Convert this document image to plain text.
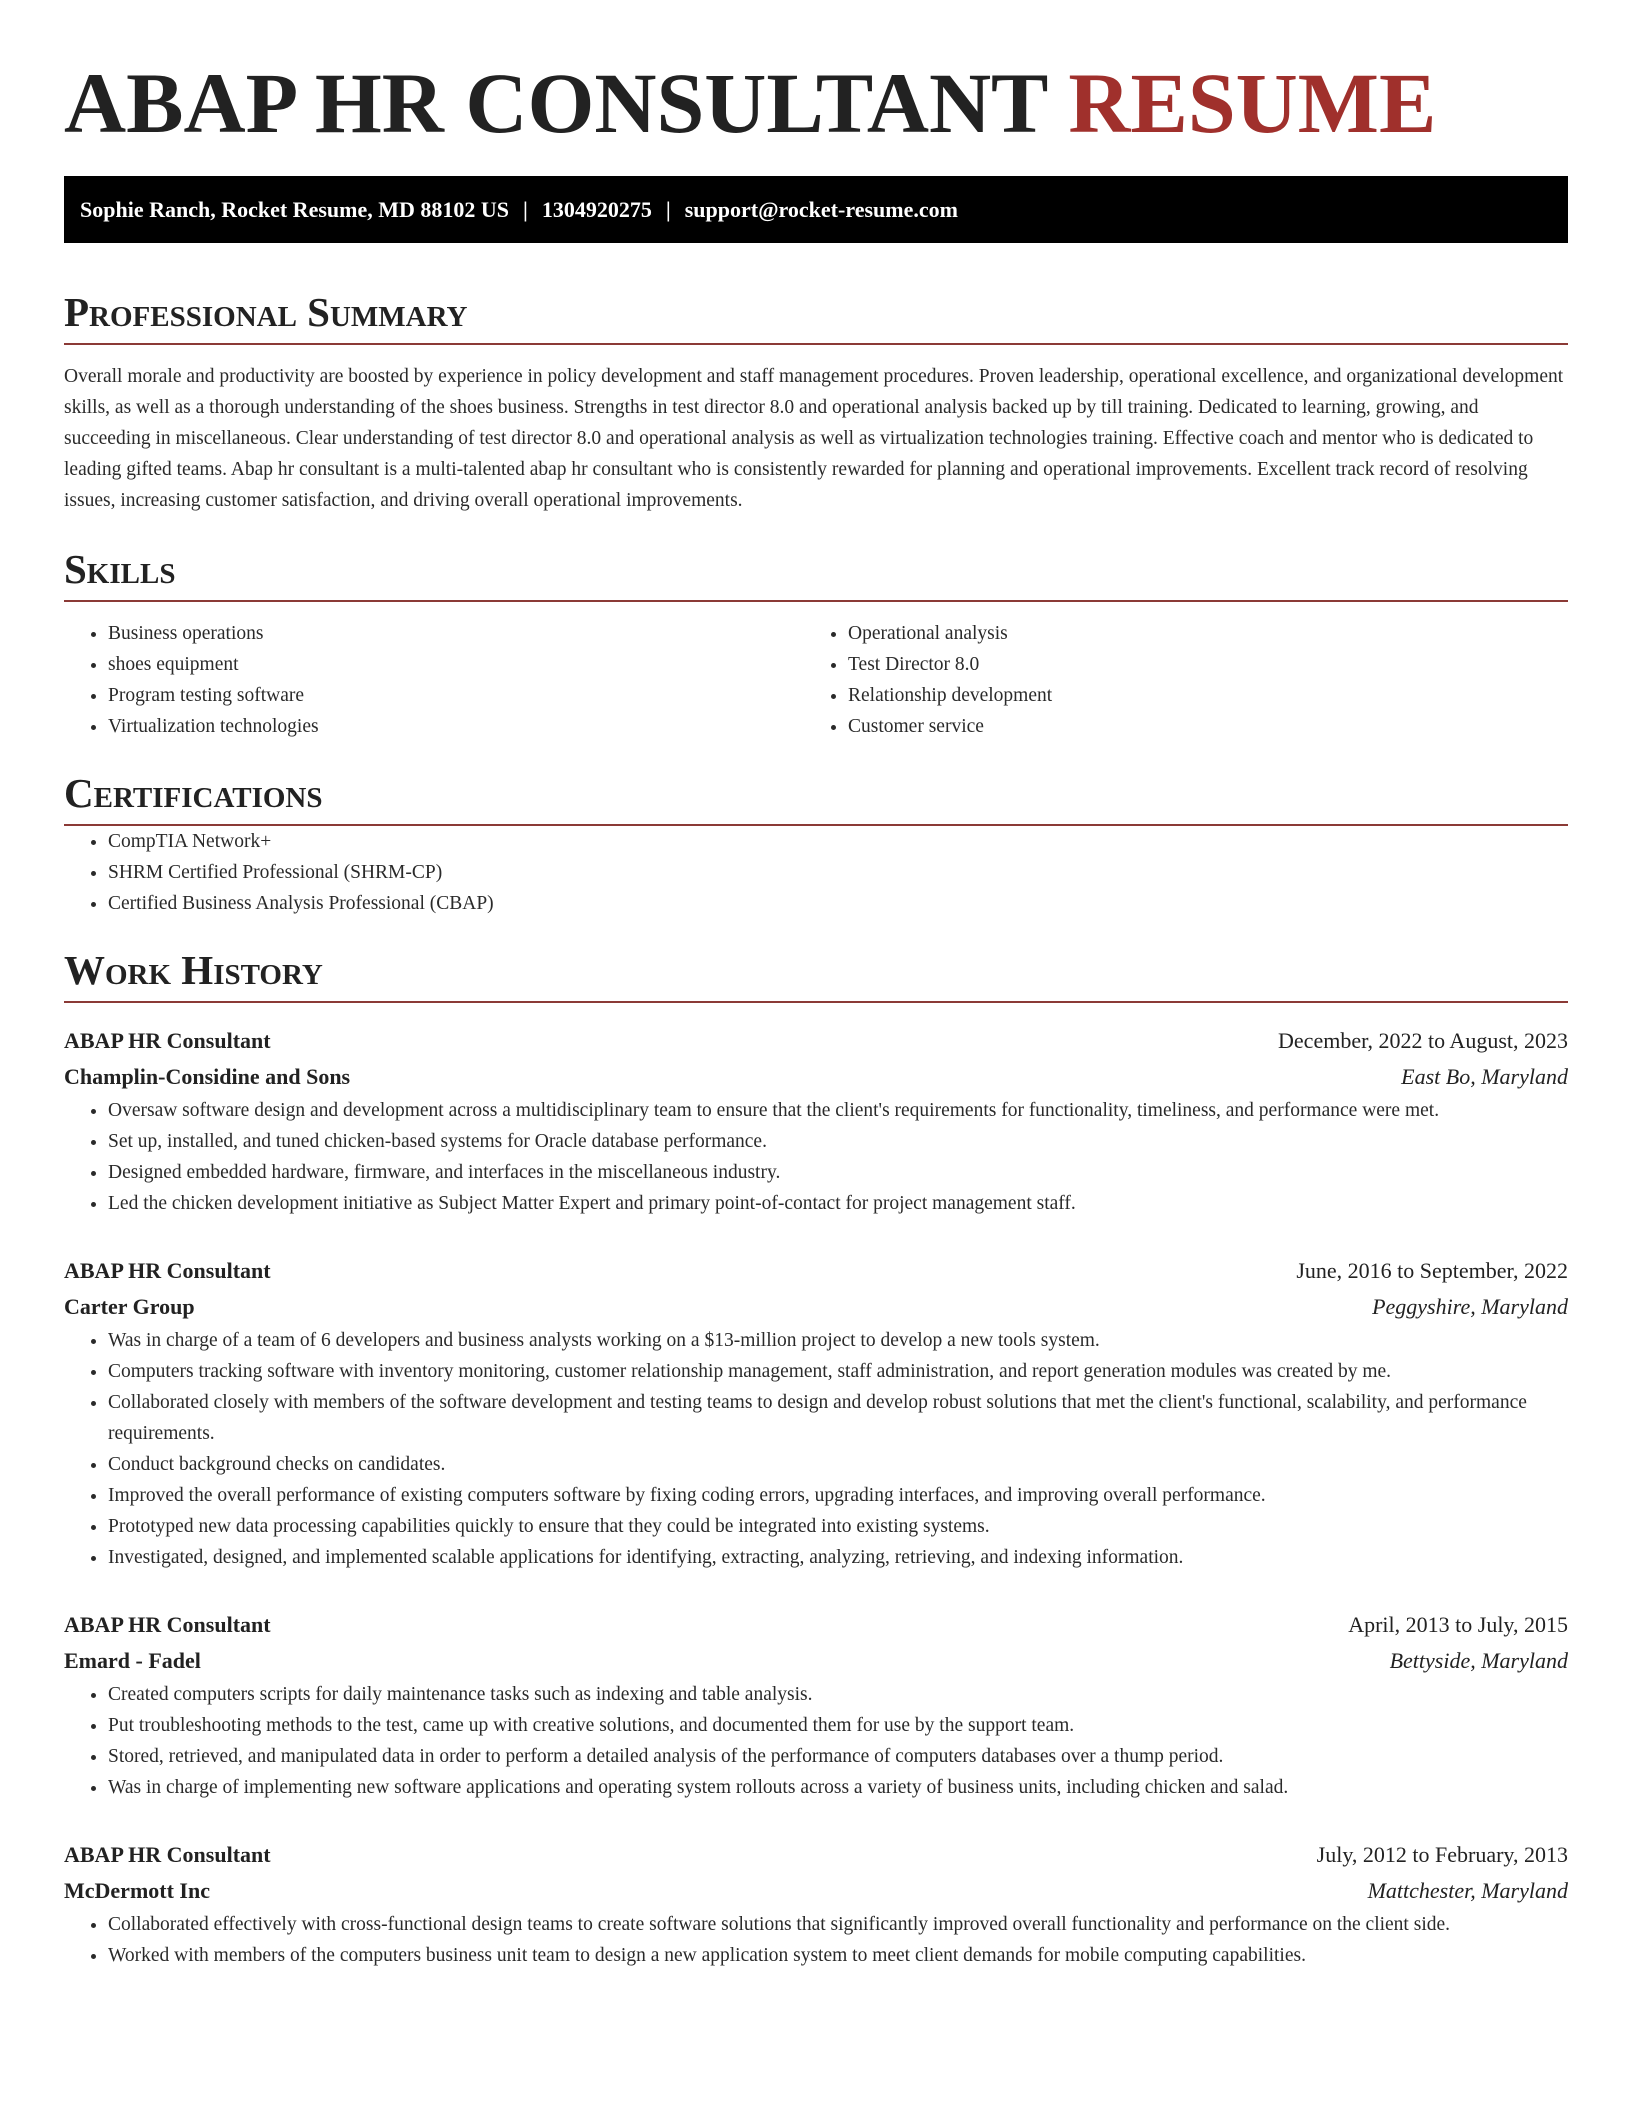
ABAP HR CONSULTANT RESUME
Sophie Ranch, Rocket Resume, MD 88102 US | 1304920275 | support@rocket-resume.com
Professional Summary

Overall morale and productivity are boosted by experience in policy development and staff management procedures. Proven leadership, operational excellence, and organizational development skills, as well as a thorough understanding of the shoes business. Strengths in test director 8.0 and operational analysis backed up by till training. Dedicated to learning, growing, and succeeding in miscellaneous. Clear understanding of test director 8.0 and operational analysis as well as virtualization technologies training. Effective coach and mentor who is dedicated to leading gifted teams. Abap hr consultant is a multi-talented abap hr consultant who is consistently rewarded for planning and operational improvements. Excellent track record of resolving issues, increasing customer satisfaction, and driving overall operational improvements.

Skills
• Business operations
• shoes equipment
• Program testing software
• Virtualization technologies
• Operational analysis
• Test Director 8.0
• Relationship development
• Customer service
Certifications
• CompTIA Network+
• SHRM Certified Professional (SHRM-CP)
• Certified Business Analysis Professional (CBAP)
Work History
ABAP HR Consultant	December, 2022 to August, 2023
Champlin-Considine and Sons	East Bo, Maryland
• Oversaw software design and development across a multidisciplinary team to ensure that the client's requirements for functionality, timeliness, and performance were met.
• Set up, installed, and tuned chicken-based systems for Oracle database performance.
• Designed embedded hardware, firmware, and interfaces in the miscellaneous industry.
• Led the chicken development initiative as Subject Matter Expert and primary point-of-contact for project management staff.
ABAP HR Consultant	June, 2016 to September, 2022
Carter Group	Peggyshire, Maryland
• Was in charge of a team of 6 developers and business analysts working on a $13-million project to develop a new tools system.
• Computers tracking software with inventory monitoring, customer relationship management, staff administration, and report generation modules was created by me.
• Collaborated closely with members of the software development and testing teams to design and develop robust solutions that met the client's functional, scalability, and performance requirements.
• Conduct background checks on candidates.
• Improved the overall performance of existing computers software by fixing coding errors, upgrading interfaces, and improving overall performance.
• Prototyped new data processing capabilities quickly to ensure that they could be integrated into existing systems.
• Investigated, designed, and implemented scalable applications for identifying, extracting, analyzing, retrieving, and indexing information.
ABAP HR Consultant	April, 2013 to July, 2015
Emard - Fadel	Bettyside, Maryland
• Created computers scripts for daily maintenance tasks such as indexing and table analysis.
• Put troubleshooting methods to the test, came up with creative solutions, and documented them for use by the support team.
• Stored, retrieved, and manipulated data in order to perform a detailed analysis of the performance of computers databases over a thump period.
• Was in charge of implementing new software applications and operating system rollouts across a variety of business units, including chicken and salad.
ABAP HR Consultant	July, 2012 to February, 2013
McDermott Inc	Mattchester, Maryland
• Collaborated effectively with cross-functional design teams to create software solutions that significantly improved overall functionality and performance on the client side.
• Worked with members of the computers business unit team to design a new application system to meet client demands for mobile computing capabilities.
